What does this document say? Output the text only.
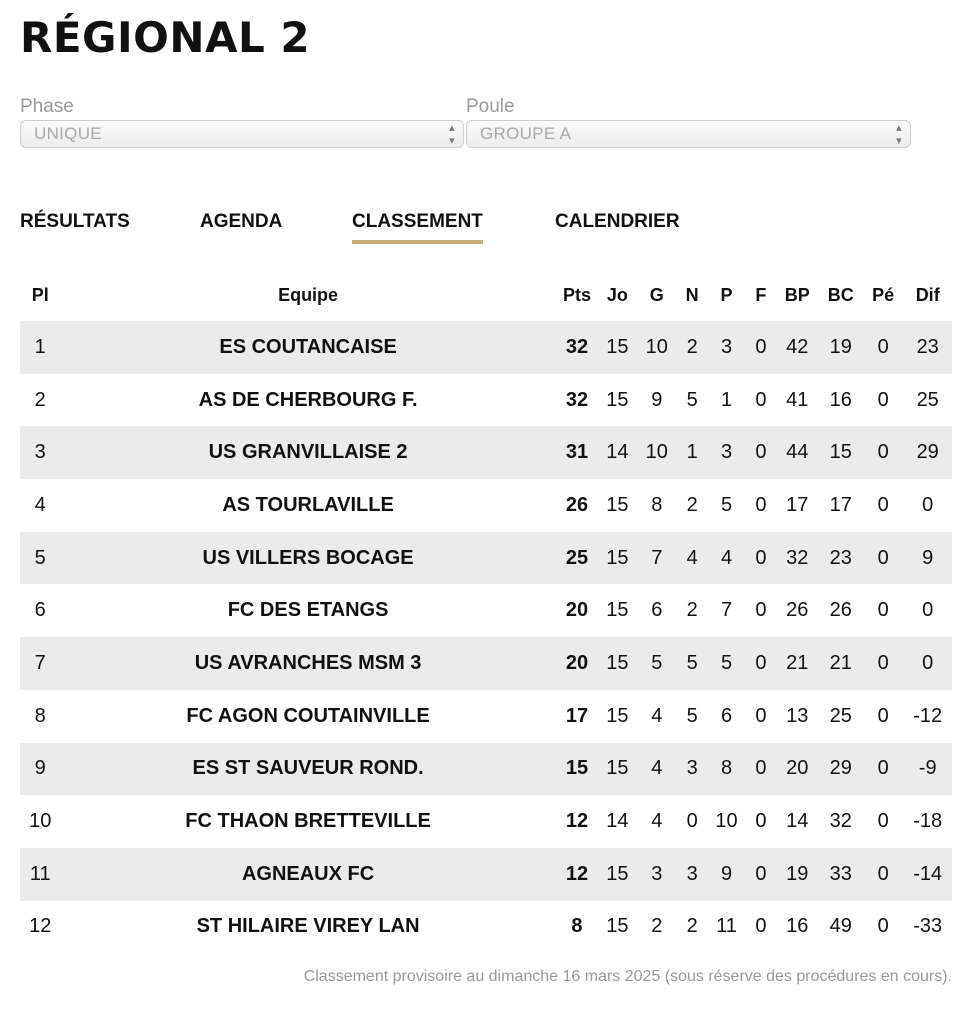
RÉGIONAL 2
Phase
UNIQUE	▴
▾
Poule
GROUPE A	▴
▾
RÉSULTATS	AGENDA	CLASSEMENT	CALENDRIER
Pl	Equipe	Pts	Jo	G	N	P	F	BP	BC	Pé	Dif
1	ES COUTANCAISE	32	15	10	2	3	0	42	19	0	23
2	AS DE CHERBOURG F.	32	15	9	5	1	0	41	16	0	25
3	US GRANVILLAISE 2	31	14	10	1	3	0	44	15	0	29
4	AS TOURLAVILLE	26	15	8	2	5	0	17	17	0	0
5	US VILLERS BOCAGE	25	15	7	4	4	0	32	23	0	9
6	FC DES ETANGS	20	15	6	2	7	0	26	26	0	0
7	US AVRANCHES MSM 3	20	15	5	5	5	0	21	21	0	0
8	FC AGON COUTAINVILLE	17	15	4	5	6	0	13	25	0	-12
9	ES ST SAUVEUR ROND.	15	15	4	3	8	0	20	29	0	-9
10	FC THAON BRETTEVILLE	12	14	4	0	10	0	14	32	0	-18
11	AGNEAUX FC	12	15	3	3	9	0	19	33	0	-14
12	ST HILAIRE VIREY LAN	8	15	2	2	11	0	16	49	0	-33
Classement provisoire au dimanche 16 mars 2025 (sous réserve des procédures en cours).
